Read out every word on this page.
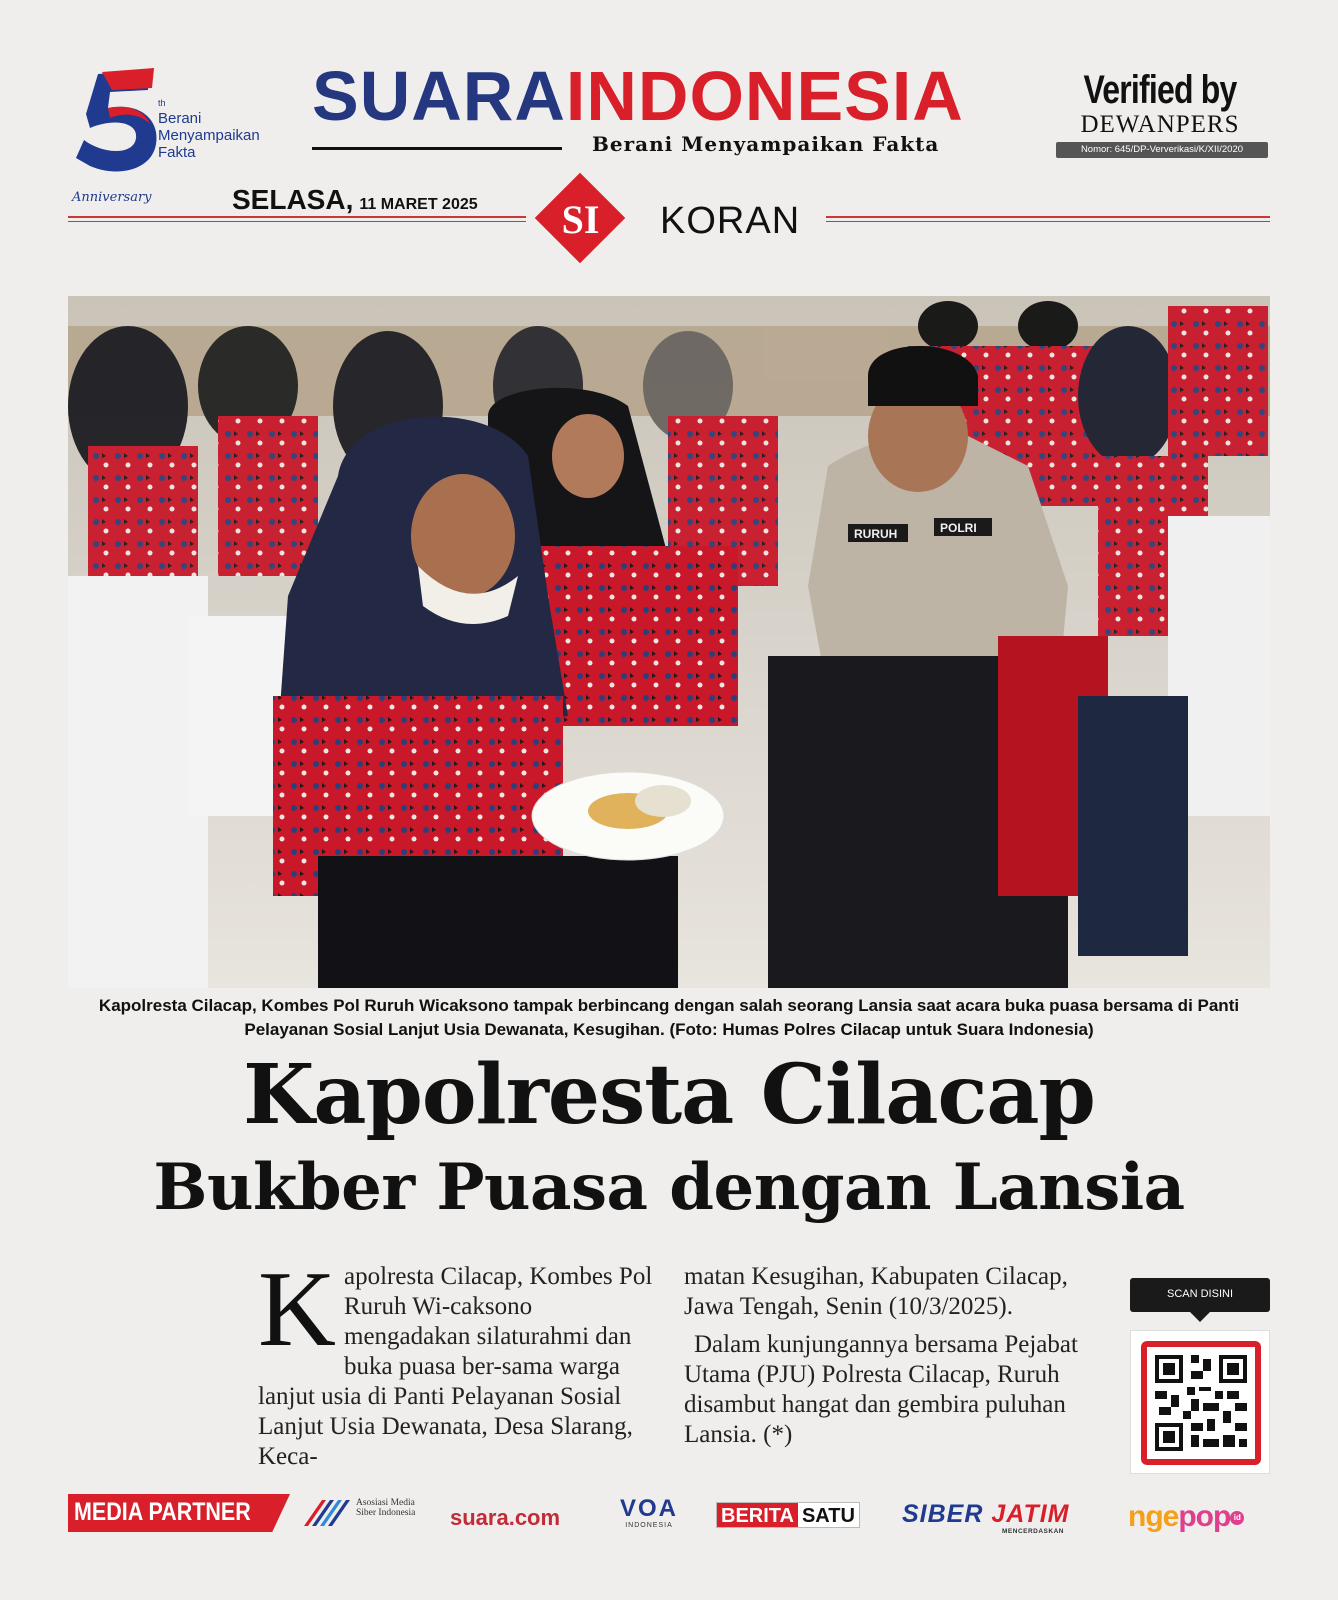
th
Berani
Menyampaikan
Fakta
Anniversary
SUARAINDONESIA
Berani Menyampaikan Fakta
Verified by
DEWANPERS
Nomor: 645/DP-Ververikasi/K/XII/2020
SELASA, 11 MARET 2025	SI	KORAN
RURUH	POLRI
Kapolresta Cilacap, Kombes Pol Ruruh Wicaksono tampak berbincang dengan salah seorang Lansia saat acara buka puasa bersama di Panti Pelayanan Sosial Lanjut Usia Dewanata, Kesugihan. (Foto: Humas Polres Cilacap untuk Suara Indonesia)
Kapolresta Cilacap
Bukber Puasa dengan Lansia
K apolresta Cilacap, Kombes Pol Ruruh Wi-caksono mengadakan silaturahmi dan buka puasa ber-sama warga lanjut usia di Panti Pelayanan Sosial Lanjut Usia Dewanata, Desa Slarang, Keca-

matan Kesugihan, Kabupaten Cilacap, Jawa Tengah, Senin (10/3/2025).

Dalam kunjungannya bersama Pejabat Utama (PJU) Polresta Cilacap, Ruruh disambut hangat dan gembira puluhan Lansia. (*)

SCAN DISINI
MEDIA PARTNER	Asosiasi Media Siber Indonesia	suara.com VOA
INDONESIA	BERITA SATU SIBER JATIM
MENCERDASKAN ngepop id
